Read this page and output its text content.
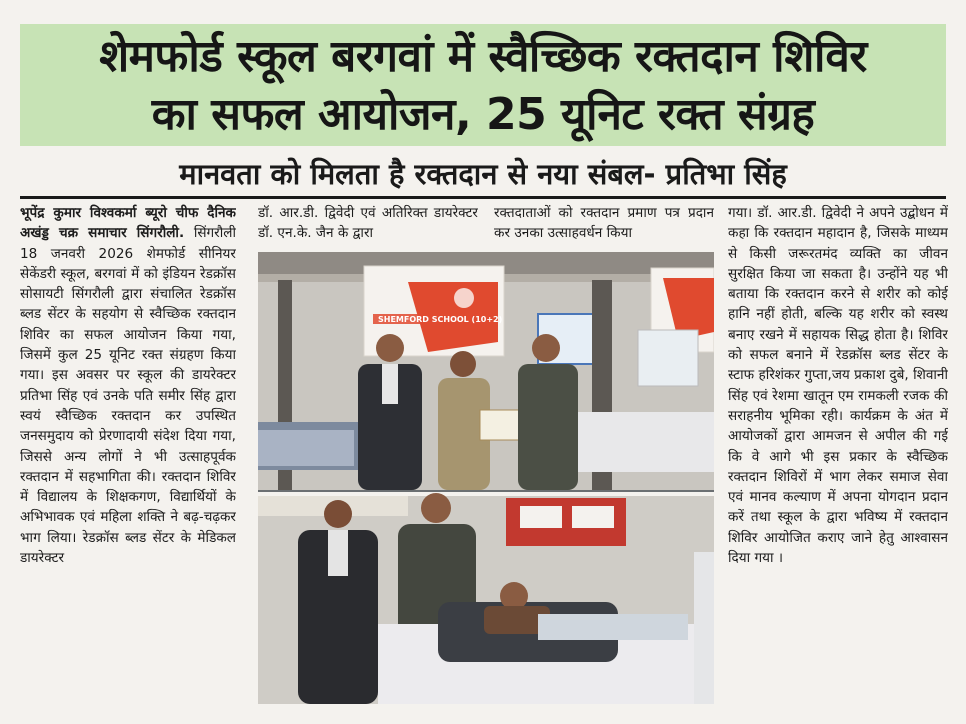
शेमफोर्ड स्कूल बरगवां में स्वैच्छिक रक्तदान शिविर
का सफल आयोजन, 25 यूनिट रक्त संग्रह
मानवता को मिलता है रक्तदान से नया संबल- प्रतिभा सिंह

भूपेंद्र कुमार विश्वकर्मा ब्यूरो चीफ दैनिक अखंड्ड चक्र समाचार सिंगरौली. सिंगरौली 18 जनवरी 2026 शेमफोर्ड सीनियर सेकेंडरी स्कूल, बरगवां में को इंडियन रेडक्रॉस सोसायटी सिंगरौली द्वारा संचालित रेडक्रॉस ब्लड सेंटर के सहयोग से स्वैच्छिक रक्तदान शिविर का सफल आयोजन किया गया, जिसमें कुल 25 यूनिट रक्त संग्रहण किया गया। इस अवसर पर स्कूल की डायरेक्टर प्रतिभा सिंह एवं उनके पति समीर सिंह द्वारा स्वयं स्वैच्छिक रक्तदान कर उपस्थित जनसमुदाय को प्रेरणादायी संदेश दिया गया, जिससे अन्य लोगों ने भी उत्साहपूर्वक रक्तदान में सहभागिता की। रक्तदान शिविर में विद्यालय के शिक्षकगण, विद्यार्थियों के अभिभावक एवं महिला शक्ति ने बढ़-चढ़कर भाग लिया। रेडक्रॉस ब्लड सेंटर के मेडिकल डायरेक्टर

डॉ. आर.डी. द्विवेदी एवं अतिरिक्त डायरेक्टर डॉ. एन.के. जैन के द्वारा

रक्तदाताओं को रक्तदान प्रमाण पत्र प्रदान कर उनका उत्साहवर्धन किया

गया। डॉ. आर.डी. द्विवेदी ने अपने उद्बोधन में कहा कि रक्तदान महादान है, जिसके माध्यम से किसी जरूरतमंद व्यक्ति का जीवन सुरक्षित किया जा सकता है। उन्होंने यह भी बताया कि रक्तदान करने से शरीर को कोई हानि नहीं होती, बल्कि यह शरीर को स्वस्थ बनाए रखने में सहायक सिद्ध होता है। शिविर को सफल बनाने में रेडक्रॉस ब्लड सेंटर के स्टाफ हरिशंकर गुप्ता,जय प्रकाश दुबे, शिवानी सिंह एवं रेशमा खातून एम रामकली रजक की सराहनीय भूमिका रही। कार्यक्रम के अंत में आयोजकों द्वारा आमजन से अपील की गई कि वे आगे भी इस प्रकार के स्वैच्छिक रक्तदान शिविरों में भाग लेकर समाज सेवा एवं मानव कल्याण में अपना योगदान प्रदान करें तथा स्कूल के द्वारा भविष्य में रक्तदान शिविर आयोजित कराए जाने हेतु आश्वासन दिया गया ।

SHEMFORD SCHOOL (10+2)
